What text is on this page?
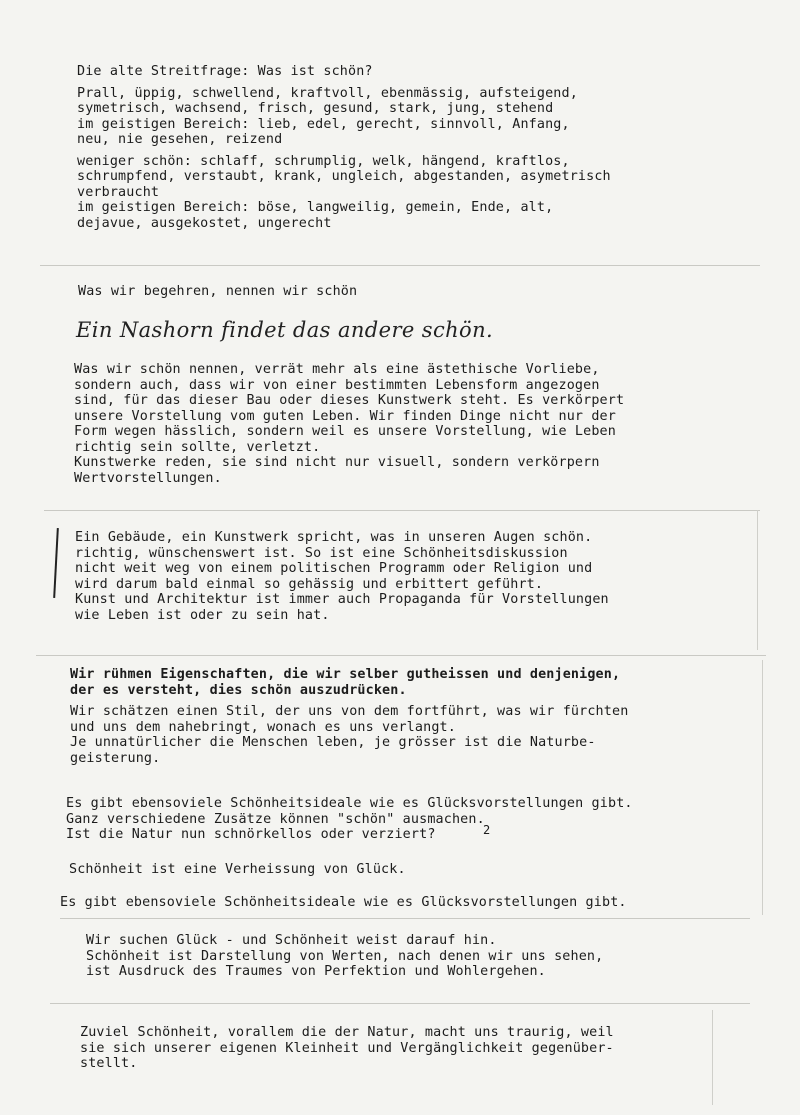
Die alte Streitfrage: Was ist schön?
Prall, üppig, schwellend, kraftvoll, ebenmässig, aufsteigend,
symetrisch, wachsend, frisch, gesund, stark, jung, stehend
im geistigen Bereich: lieb, edel, gerecht, sinnvoll, Anfang,
neu, nie gesehen, reizend
weniger schön: schlaff, schrumplig, welk, hängend, kraftlos,
schrumpfend, verstaubt, krank, ungleich, abgestanden, asymetrisch
verbraucht
im geistigen Bereich: böse, langweilig, gemein, Ende, alt,
dejavue, ausgekostet, ungerecht
Was wir begehren, nennen wir schön
Ein Nashorn findet das andere schön.
Was wir schön nennen, verrät mehr als eine ästethische Vorliebe,
sondern auch, dass wir von einer bestimmten Lebensform angezogen
sind, für das dieser Bau oder dieses Kunstwerk steht. Es verkörpert
unsere Vorstellung vom guten Leben. Wir finden Dinge nicht nur der
Form wegen hässlich, sondern weil es unsere Vorstellung, wie Leben
richtig sein sollte, verletzt.
Kunstwerke reden, sie sind nicht nur visuell, sondern verkörpern
Wertvorstellungen.
Ein Gebäude, ein Kunstwerk spricht, was in unseren Augen schön.
richtig, wünschenswert ist. So ist eine Schönheitsdiskussion
nicht weit weg von einem politischen Programm oder Religion und
wird darum bald einmal so gehässig und erbittert geführt.
Kunst und Architektur ist immer auch Propaganda für Vorstellungen
wie Leben ist oder zu sein hat.
Wir rühmen Eigenschaften, die wir selber gutheissen und denjenigen,
der es versteht, dies schön auszudrücken.
Wir schätzen einen Stil, der uns von dem fortführt, was wir fürchten
und uns dem nahebringt, wonach es uns verlangt.
Je unnatürlicher die Menschen leben, je grösser ist die Naturbe-
geisterung.
Es gibt ebensoviele Schönheitsideale wie es Glücksvorstellungen gibt.
Ganz verschiedene Zusätze können "schön" ausmachen.
Ist die Natur nun schnörkellos oder verziert?	2
Schönheit ist eine Verheissung von Glück.
Es gibt ebensoviele Schönheitsideale wie es Glücksvorstellungen gibt.
Wir suchen Glück - und Schönheit weist darauf hin.
Schönheit ist Darstellung von Werten, nach denen wir uns sehen,
ist Ausdruck des Traumes von Perfektion und Wohlergehen.
Zuviel Schönheit, vorallem die der Natur, macht uns traurig, weil
sie sich unserer eigenen Kleinheit und Vergänglichkeit gegenüber-
stellt.
